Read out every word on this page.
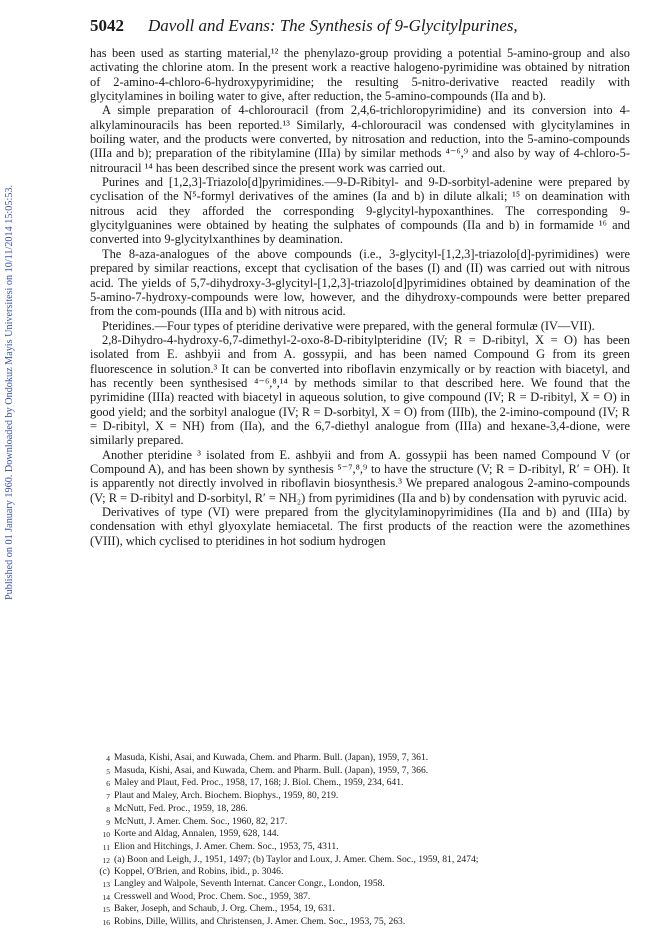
Published on 01 January 1960. Downloaded by Ondokuz Mayis Universitesi on 10/11/2014 15:05:53.
5042 Davoll and Evans: The Synthesis of 9-Glycitylpurines,

has been used as starting material,¹² the phenylazo-group providing a potential 5-amino-group and also activating the chlorine atom. In the present work a reactive halogeno-pyrimidine was obtained by nitration of 2-amino-4-chloro-6-hydroxypyrimidine; the resulting 5-nitro-derivative reacted readily with glycitylamines in boiling water to give, after reduction, the 5-amino-compounds (IIa and b).

A simple preparation of 4-chlorouracil (from 2,4,6-trichloropyrimidine) and its conversion into 4-alkylaminouracils has been reported.¹³ Similarly, 4-chlorouracil was condensed with glycitylamines in boiling water, and the products were converted, by nitrosation and reduction, into the 5-amino-compounds (IIIa and b); preparation of the ribitylamine (IIIa) by similar methods ⁴⁻⁶,⁹ and also by way of 4-chloro-5-nitrouracil ¹⁴ has been described since the present work was carried out.

Purines and [1,2,3]-Triazolo[d]pyrimidines.—9-D-Ribityl- and 9-D-sorbityl-adenine were prepared by cyclisation of the N⁵-formyl derivatives of the amines (Ia and b) in dilute alkali; ¹⁵ on deamination with nitrous acid they afforded the corresponding 9-glycityl-hypoxanthines. The corresponding 9-glycitylguanines were obtained by heating the sulphates of compounds (IIa and b) in formamide ¹⁶ and converted into 9-glycitylxanthines by deamination.

The 8-aza-analogues of the above compounds (i.e., 3-glycityl-[1,2,3]-triazolo[d]-pyrimidines) were prepared by similar reactions, except that cyclisation of the bases (I) and (II) was carried out with nitrous acid. The yields of 5,7-dihydroxy-3-glycityl-[1,2,3]-triazolo[d]pyrimidines obtained by deamination of the 5-amino-7-hydroxy-compounds were low, however, and the dihydroxy-compounds were better prepared from the com-pounds (IIIa and b) with nitrous acid.

Pteridines.—Four types of pteridine derivative were prepared, with the general formulæ (IV—VII).

2,8-Dihydro-4-hydroxy-6,7-dimethyl-2-oxo-8-D-ribitylpteridine (IV; R = D-ribityl, X = O) has been isolated from E. ashbyii and from A. gossypii, and has been named Compound G from its green fluorescence in solution.³ It can be converted into riboflavin enzymically or by reaction with biacetyl, and has recently been synthesised ⁴⁻⁶,⁸,¹⁴ by methods similar to that described here. We found that the pyrimidine (IIIa) reacted with biacetyl in aqueous solution, to give compound (IV; R = D-ribityl, X = O) in good yield; and the sorbityl analogue (IV; R = D-sorbityl, X = O) from (IIIb), the 2-imino-compound (IV; R = D-ribityl, X = NH) from (IIa), and the 6,7-diethyl analogue from (IIIa) and hexane-3,4-dione, were similarly prepared.

Another pteridine ³ isolated from E. ashbyii and from A. gossypii has been named Compound V (or Compound A), and has been shown by synthesis ⁵⁻⁷,⁸,⁹ to have the structure (V; R = D-ribityl, R′ = OH). It is apparently not directly involved in riboflavin biosynthesis.³ We prepared analogous 2-amino-compounds (V; R = D-ribityl and D-sorbityl, R′ = NH₂) from pyrimidines (IIa and b) by condensation with pyruvic acid.

Derivatives of type (VI) were prepared from the glycitylaminopyrimidines (IIa and b) and (IIIa) by condensation with ethyl glyoxylate hemiacetal. The first products of the reaction were the azomethines (VIII), which cyclised to pteridines in hot sodium hydrogen

4 Masuda, Kishi, Asai, and Kuwada, Chem. and Pharm. Bull. (Japan), 1959, 7, 361.
5 Masuda, Kishi, Asai, and Kuwada, Chem. and Pharm. Bull. (Japan), 1959, 7, 366.
6 Maley and Plaut, Fed. Proc., 1958, 17, 168; J. Biol. Chem., 1959, 234, 641.
7 Plaut and Maley, Arch. Biochem. Biophys., 1959, 80, 219.
8 McNutt, Fed. Proc., 1959, 18, 286.
9 McNutt, J. Amer. Chem. Soc., 1960, 82, 217.
10 Korte and Aldag, Annalen, 1959, 628, 144.
11 Elion and Hitchings, J. Amer. Chem. Soc., 1953, 75, 4311.
12 (a) Boon and Leigh, J., 1951, 1497; (b) Taylor and Loux, J. Amer. Chem. Soc., 1959, 81, 2474;
(c) Koppel, O'Brien, and Robins, ibid., p. 3046.
13 Langley and Walpole, Seventh Internat. Cancer Congr., London, 1958.
14 Cresswell and Wood, Proc. Chem. Soc., 1959, 387.
15 Baker, Joseph, and Schaub, J. Org. Chem., 1954, 19, 631.
16 Robins, Dille, Willits, and Christensen, J. Amer. Chem. Soc., 1953, 75, 263.
